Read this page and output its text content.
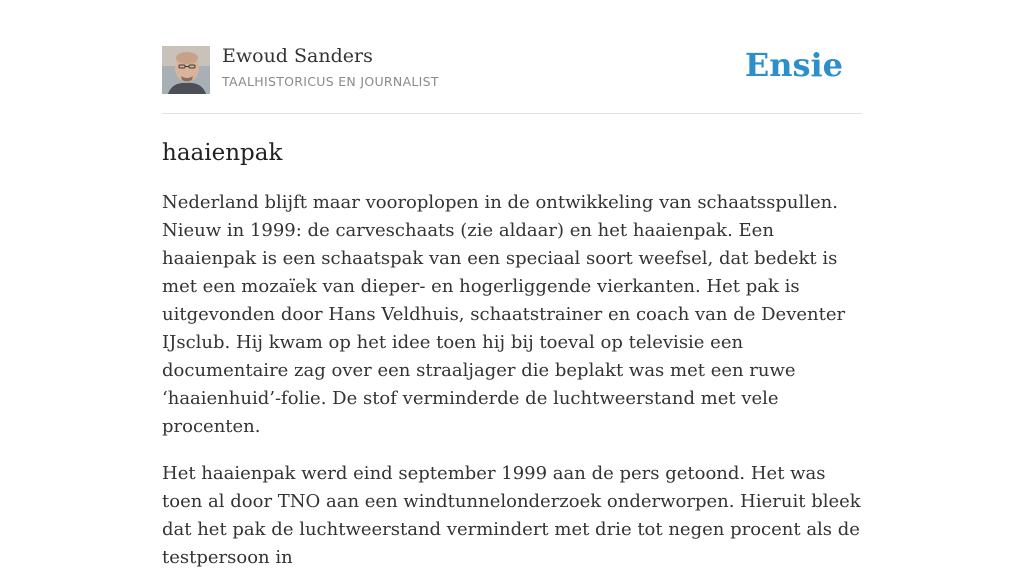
Ewoud Sanders
TAALHISTORICUS EN JOURNALIST	Ensie
haaienpak

Nederland blijft maar vooroplopen in de ontwikkeling van schaatsspullen. Nieuw in 1999: de carveschaats (zie aldaar) en het haaienpak. Een haaienpak is een schaatspak van een speciaal soort weefsel, dat bedekt is met een mozaïek van dieper- en hogerliggende vierkanten. Het pak is uitgevonden door Hans Veldhuis, schaatstrainer en coach van de Deventer IJsclub. Hij kwam op het idee toen hij bij toeval op televisie een documentaire zag over een straaljager die beplakt was met een ruwe ‘haaienhuid’-folie. De stof verminderde de luchtweerstand met vele procenten.

Het haaienpak werd eind september 1999 aan de pers getoond. Het was toen al door TNO aan een windtunnelonderzoek onderworpen. Hieruit bleek dat het pak de luchtweerstand vermindert met drie tot negen procent als de testpersoon in
